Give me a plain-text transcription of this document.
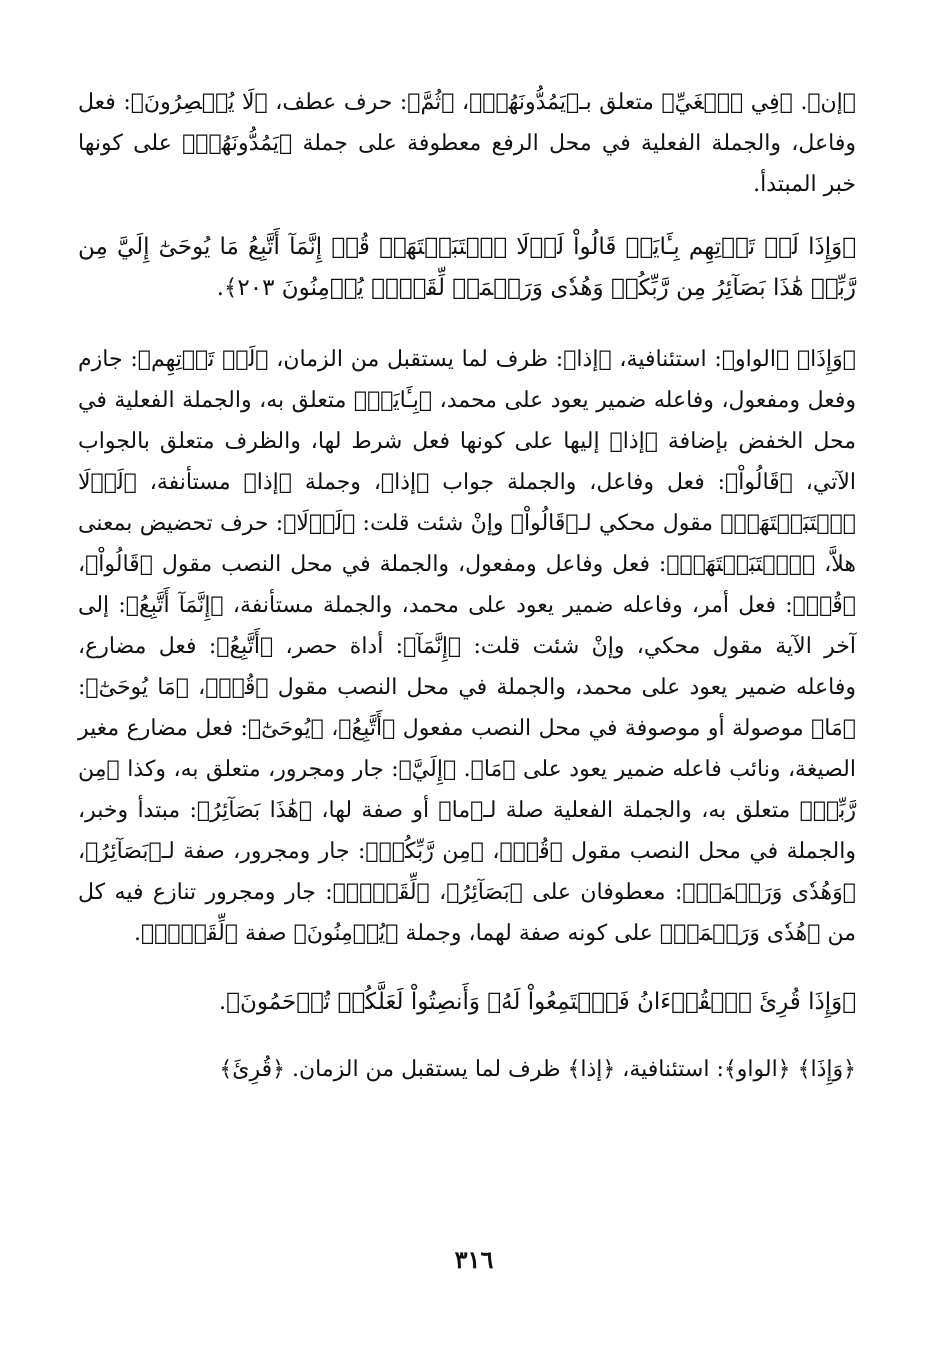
﴿إن﴾. ﴿فِي ٱلۡغَيِّ﴾ متعلق بـ﴿يَمُدُّونَهُمۡ﴾، ﴿ثُمَّ﴾: حرف عطف، ﴿لَا يُقۡصِرُونَ﴾: فعل وفاعل، والجملة الفعلية في محل الرفع معطوفة على جملة ﴿يَمُدُّونَهُمۡ﴾ على كونها خبر المبتدأ.

﴿وَإِذَا لَمۡ تَأۡتِهِم بِـَٔايَةٖ قَالُواْ لَوۡلَا ٱجۡتَبَيۡتَهَاۚ قُلۡ إِنَّمَآ أَتَّبِعُ مَا يُوحَىٰٓ إِلَيَّ مِن رَّبِّيۚ هَٰذَا بَصَآئِرُ مِن رَّبِّكُمۡ وَهُدٗى وَرَحۡمَةٞ لِّقَوۡمٖ يُؤۡمِنُونَ ٢٠٣﴾.

﴿وَإِذَا﴾ ﴿الواو﴾: استئنافية، ﴿إذا﴾: ظرف لما يستقبل من الزمان، ﴿لَمۡ تَأۡتِهِم﴾: جازم وفعل ومفعول، وفاعله ضمير يعود على محمد، ﴿بِـَٔايَةٖ﴾ متعلق به، والجملة الفعلية في محل الخفض بإضافة ﴿إذا﴾ إليها على كونها فعل شرط لها، والظرف متعلق بالجواب الآتي، ﴿قَالُواْ﴾: فعل وفاعل، والجملة جواب ﴿إذا﴾، وجملة ﴿إذا﴾ مستأنفة، ﴿لَوۡلَا ٱجۡتَبَيۡتَهَاۚ﴾ مقول محكي لـ﴿قَالُواْ﴾ وإنْ شئت قلت: ﴿لَوۡلَا﴾: حرف تحضيض بمعنى هلاَّ، ﴿ٱجۡتَبَيۡتَهَاۚ﴾: فعل وفاعل ومفعول، والجملة في محل النصب مقول ﴿قَالُواْ﴾، ﴿قُلۡ﴾: فعل أمر، وفاعله ضمير يعود على محمد، والجملة مستأنفة، ﴿إِنَّمَآ أَتَّبِعُ﴾: إلى آخر الآية مقول محكي، وإنْ شئت قلت: ﴿إِنَّمَآ﴾: أداة حصر، ﴿أَتَّبِعُ﴾: فعل مضارع، وفاعله ضمير يعود على محمد، والجملة في محل النصب مقول ﴿قُلۡ﴾، ﴿مَا يُوحَىٰٓ﴾: ﴿مَا﴾ موصولة أو موصوفة في محل النصب مفعول ﴿أَتَّبِعُ﴾، ﴿يُوحَىٰٓ﴾: فعل مضارع مغير الصيغة، ونائب فاعله ضمير يعود على ﴿مَا﴾. ﴿إِلَيَّ﴾: جار ومجرور، متعلق به، وكذا ﴿مِن رَّبِّيۚ﴾ متعلق به، والجملة الفعلية صلة لـ﴿ما﴾ أو صفة لها، ﴿هَٰذَا بَصَآئِرُ﴾: مبتدأ وخبر، والجملة في محل النصب مقول ﴿قُلۡ﴾، ﴿مِن رَّبِّكُمۡ﴾: جار ومجرور، صفة لـ﴿بَصَآئِرُ﴾، ﴿وَهُدٗى وَرَحۡمَةٞ﴾: معطوفان على ﴿بَصَآئِرُ﴾، ﴿لِّقَوۡمٖ﴾: جار ومجرور تنازع فيه كل من ﴿هُدٗى وَرَحۡمَةٞ﴾ على كونه صفة لهما، وجملة ﴿يُؤۡمِنُونَ﴾ صفة ﴿لِّقَوۡمٖ﴾.

﴿وَإِذَا قُرِئَ ٱلۡقُرۡءَانُ فَٱسۡتَمِعُواْ لَهُۥ وَأَنصِتُواْ لَعَلَّكُمۡ تُرۡحَمُونَ﴾.

﴿وَإِذَا﴾ ﴿الواو﴾: استئنافية، ﴿إذا﴾ ظرف لما يستقبل من الزمان. ﴿قُرِئَ﴾

٣١٦
